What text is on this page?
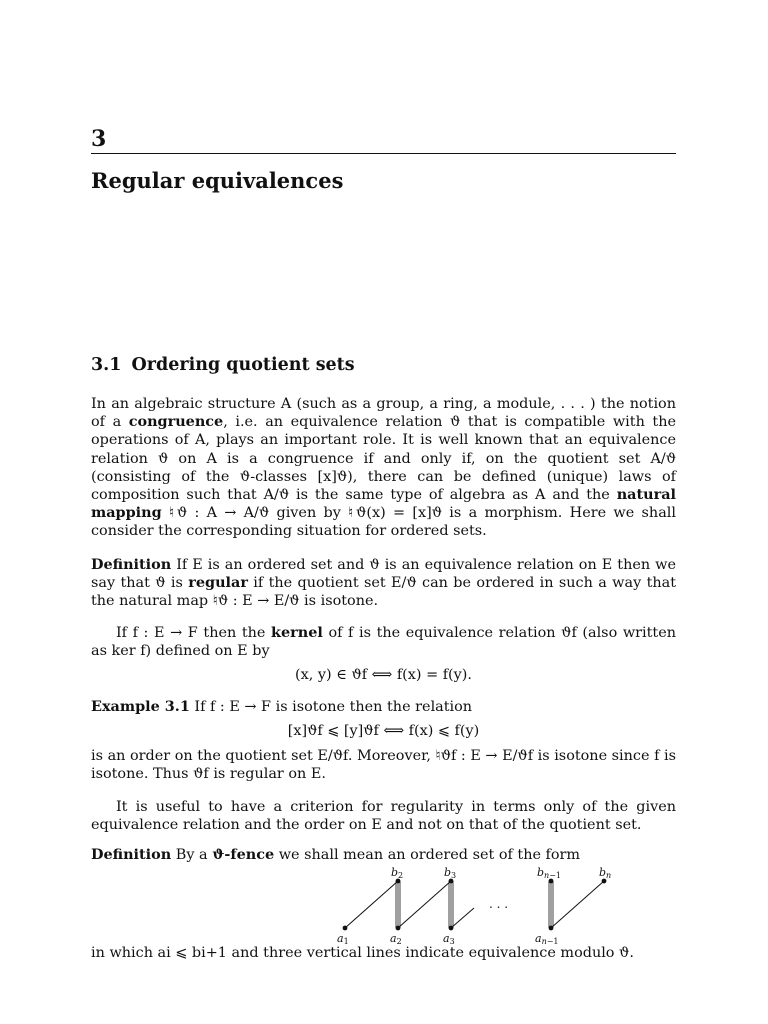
3
Regular equivalences
3.1 Ordering quotient sets
In an algebraic structure A (such as a group, a ring, a module, . . . ) the notion of a congruence, i.e. an equivalence relation ϑ that is compatible with the operations of A, plays an important role. It is well known that an equivalence relation ϑ on A is a congruence if and only if, on the quotient set A/ϑ (consisting of the ϑ-classes [x]ϑ), there can be defined (unique) laws of composition such that A/ϑ is the same type of algebra as A and the natural mapping ♮ϑ : A → A/ϑ given by ♮ϑ(x) = [x]ϑ is a morphism. Here we shall consider the corresponding situation for ordered sets.
Definition If E is an ordered set and ϑ is an equivalence relation on E then we say that ϑ is regular if the quotient set E/ϑ can be ordered in such a way that the natural map ♮ϑ : E → E/ϑ is isotone.
If f : E → F then the kernel of f is the equivalence relation ϑf (also written as ker f) defined on E by
(x, y) ∈ ϑf ⟺ f(x) = f(y).
Example 3.1 If f : E → F is isotone then the relation
[x]ϑf ⩽ [y]ϑf ⟺ f(x) ⩽ f(y)
is an order on the quotient set E/ϑf. Moreover, ♮ϑf : E → E/ϑf is isotone since f is isotone. Thus ϑf is regular on E.
It is useful to have a criterion for regularity in terms only of the given equivalence relation and the order on E and not on that of the quotient set.
Definition By a ϑ-fence we shall mean an ordered set of the form
b2	b3	bn−1	bn
a1	a2	a3	an−1
. . .
in which ai ⩽ bi+1 and three vertical lines indicate equivalence modulo ϑ.
